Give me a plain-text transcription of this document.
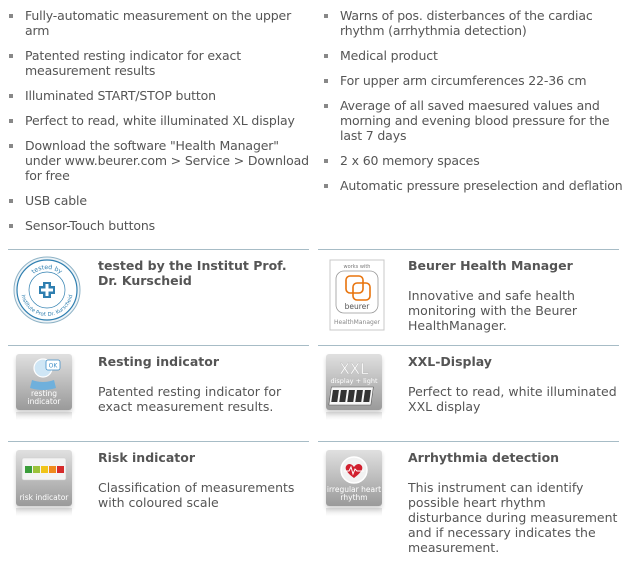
Fully-automatic measurement on the upper arm
Patented resting indicator for exact measurement results
Illuminated START/STOP button
Perfect to read, white illuminated XL display
Download the software "Health Manager" under www.beurer.com > Service > Download for free
USB cable
Sensor-Touch buttons
Warns of pos. disterbances of the cardiac rhythm (arrhythmia detection)
Medical product
For upper arm circumferences 22-36 cm
Average of all saved maesured values and morning and evening blood pressure for the last 7 days
2 x 60 memory spaces
Automatic pressure preselection and deflation
tested by
Institute Prof. Dr. Kurscheid
tested by the Institut Prof. Dr. Kurscheid
works with
beurer
HealthManager
Beurer Health Manager
Innovative and safe health monitoring with the Beurer HealthManager.
OK
resting indicator
Resting indicator
Patented resting indicator for exact measurement results.
XXL
display + light
XXL-Display
Perfect to read, white illuminated XXL display
risk indicator
Risk indicator
Classification of measurements with coloured scale
irregular heart rhythm
Arrhythmia detection
This instrument can identify possible heart rhythm disturbance during measurement and if necessary indicates the measurement.
